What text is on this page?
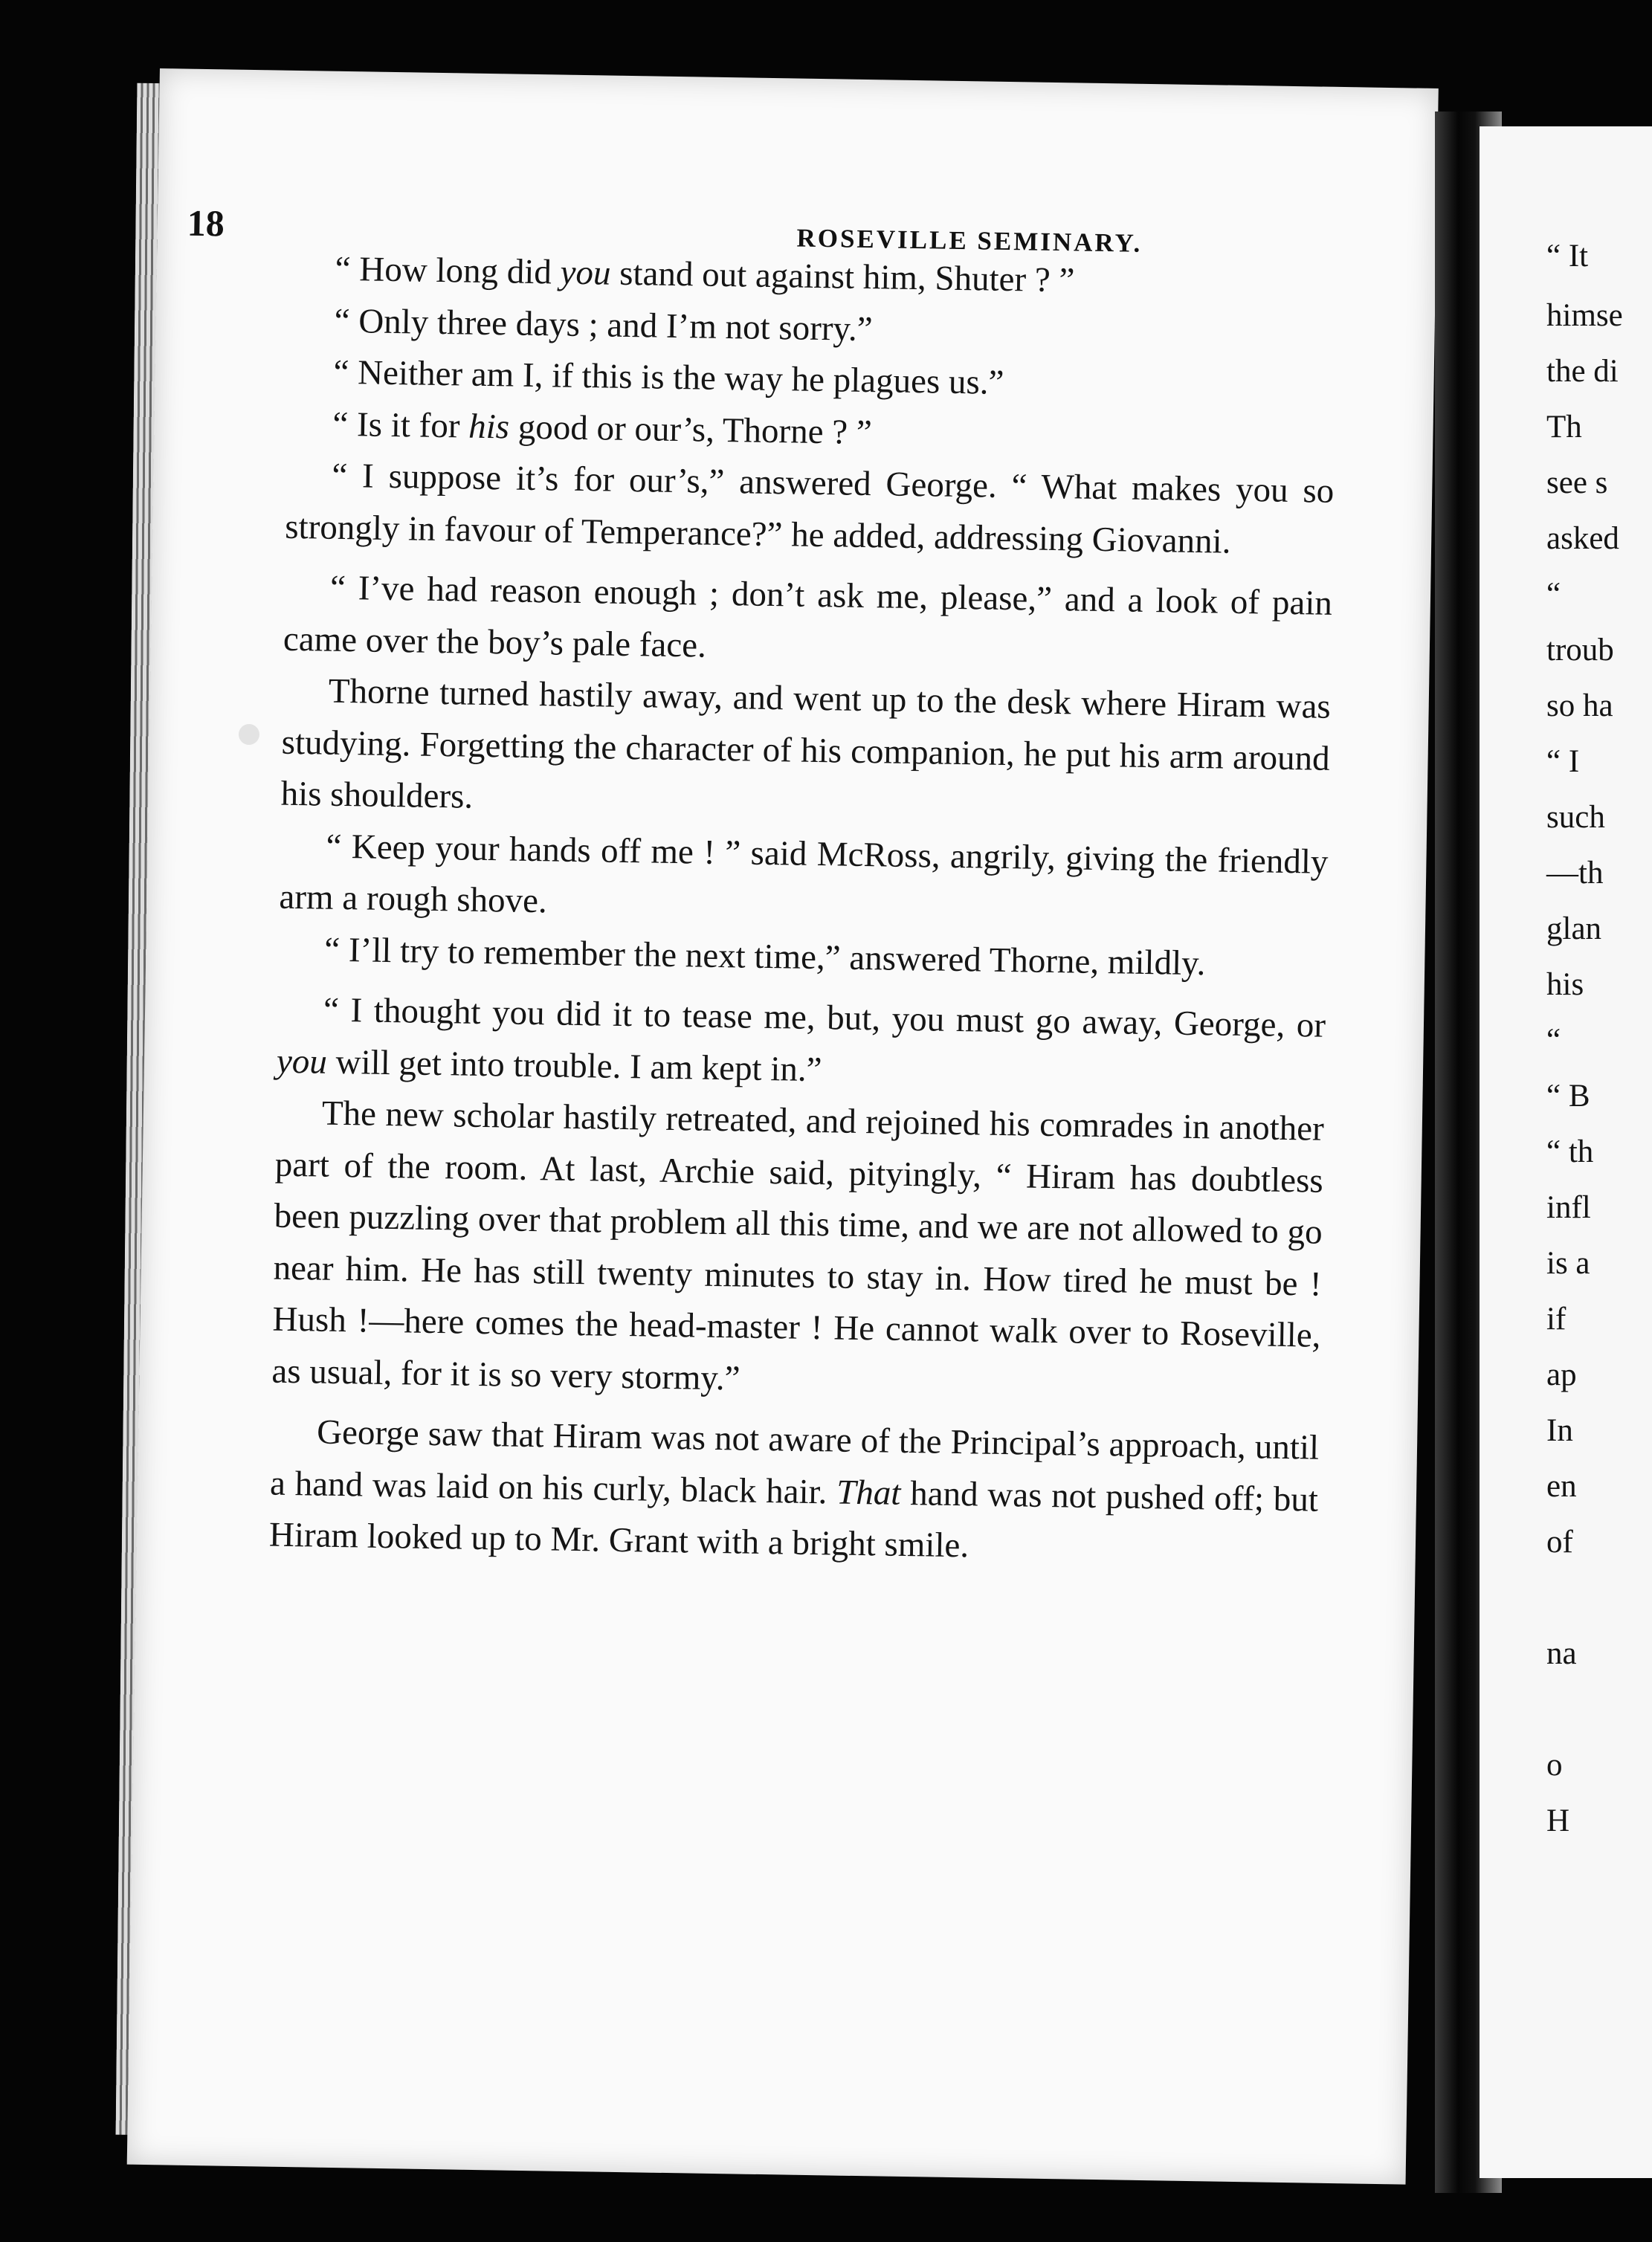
18	ROSEVILLE SEMINARY.

“ How long did you stand out against him, Shuter ? ”

“ Only three days ; and I’m not sorry.”

“ Neither am I, if this is the way he plagues us.”

“ Is it for his good or our’s, Thorne ? ”

“ I suppose it’s for our’s,” answered George. “ What makes you so strongly in favour of Temperance?” he added, addressing Giovanni.

“ I’ve had reason enough ; don’t ask me, please,” and a look of pain came over the boy’s pale face.

Thorne turned hastily away, and went up to the desk where Hiram was studying. Forgetting the character of his companion, he put his arm around his shoulders.

“ Keep your hands off me ! ” said McRoss, angrily, giving the friendly arm a rough shove.

“ I’ll try to remember the next time,” answered Thorne, mildly.

“ I thought you did it to tease me, but, you must go away, George, or you will get into trouble. I am kept in.”

The new scholar hastily retreated, and rejoined his comrades in another part of the room. At last, Archie said, pityingly, “ Hiram has doubtless been puzzling over that problem all this time, and we are not allowed to go near him. He has still twenty minutes to stay in. How tired he must be ! Hush !—here comes the head-master ! He cannot walk over to Roseville, as usual, for it is so very stormy.”

George saw that Hiram was not aware of the Principal’s approach, until a hand was laid on his curly, black hair. That hand was not pushed off; but Hiram looked up to Mr. Grant with a bright smile.

“ It
himse
the di
Th
see s
asked
“
troub
so ha
“ I
such
—th
glan
his
“
“ B
“ th
infl
is a
if
ap
In
en
of
na
o
H
